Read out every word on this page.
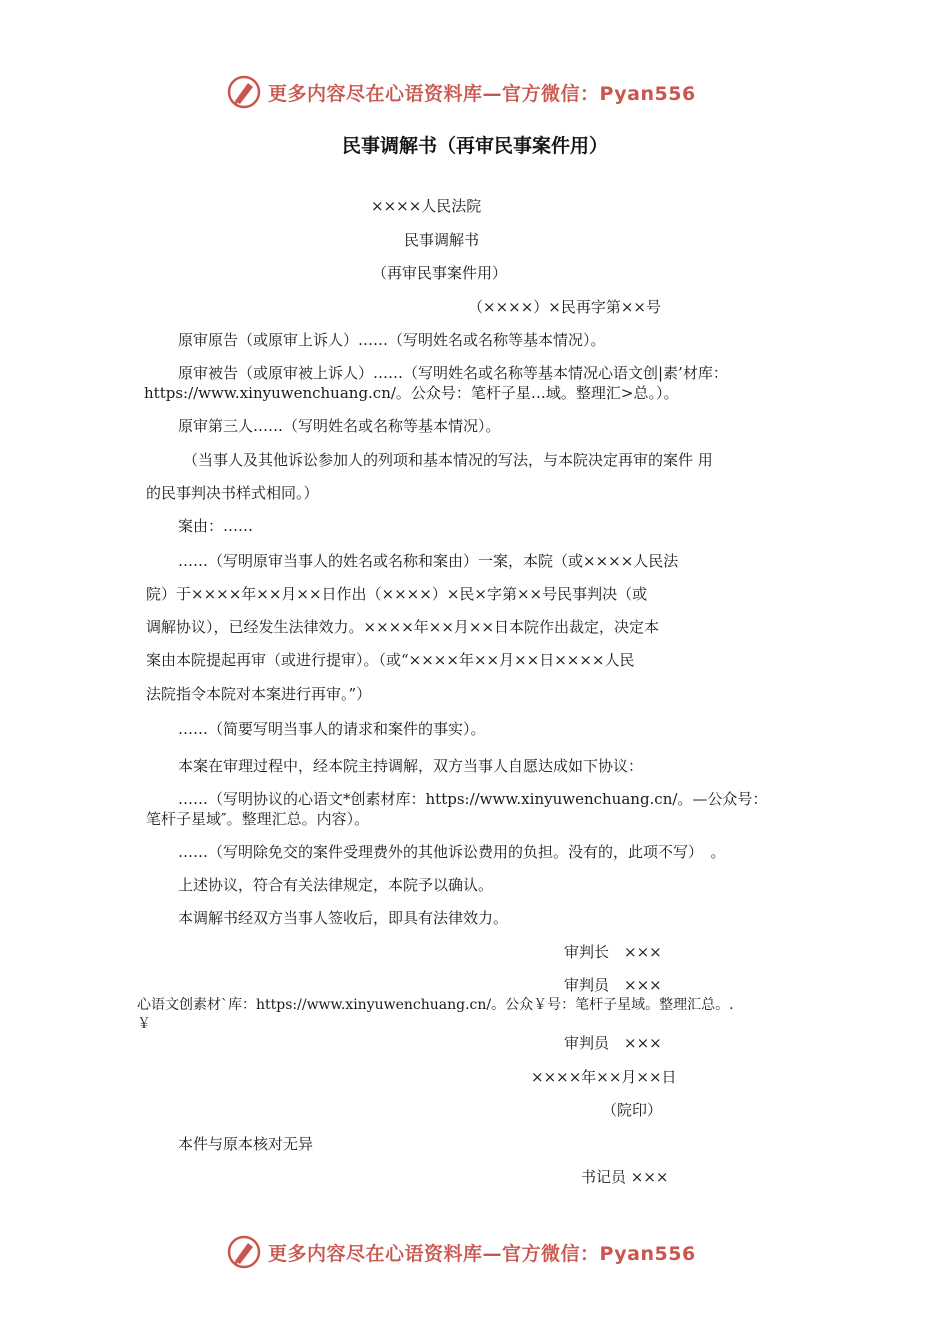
更多内容尽在心语资料库—官方微信：Pyan556
民事调解书（再审民事案件用）
××××人民法院
民事调解书
（再审民事案件用）
（××××）×民再字第××号
原审原告（或原审上诉人）……（写明姓名或名称等基本情况）。
原审被告（或原审被上诉人）……（写明姓名或名称等基本情况心语文创|素’材库：
https://www.xinyuwenchuang.cn/。公众号：笔杆子星…域。整理汇>总。）。
原审第三人……（写明姓名或名称等基本情况）。
（当事人及其他诉讼参加人的列项和基本情况的写法，与本院决定再审的案件 用
的民事判决书样式相同。）
案由：……
……（写明原审当事人的姓名或名称和案由）一案，本院（或××××人民法
院）于××××年××月××日作出（××××）×民×字第××号民事判决（或
调解协议），已经发生法律效力。××××年××月××日本院作出裁定，决定本
案由本院提起再审（或进行提审）。（或“××××年××月××日××××人民
法院指令本院对本案进行再审。”）
……（简要写明当事人的请求和案件的事实）。
本案在审理过程中，经本院主持调解，双方当事人自愿达成如下协议：
……（写明协议的心语文*创素材库：https://www.xinyuwenchuang.cn/。—公众号：
笔杆子星域″。整理汇总。内容）。
……（写明除免交的案件受理费外的其他诉讼费用的负担。没有的，此项不写）　。
上述协议，符合有关法律规定，本院予以确认。
本调解书经双方当事人签收后，即具有法律效力。
审判长　×××
审判员　×××
心语文创素材`库：https://www.xinyuwenchuang.cn/。公众￥号：笔杆子星域。整理汇总。.
￥
审判员　×××
××××年××月××日
（院印）
本件与原本核对无异
书记员 ×××
更多内容尽在心语资料库—官方微信：Pyan556
